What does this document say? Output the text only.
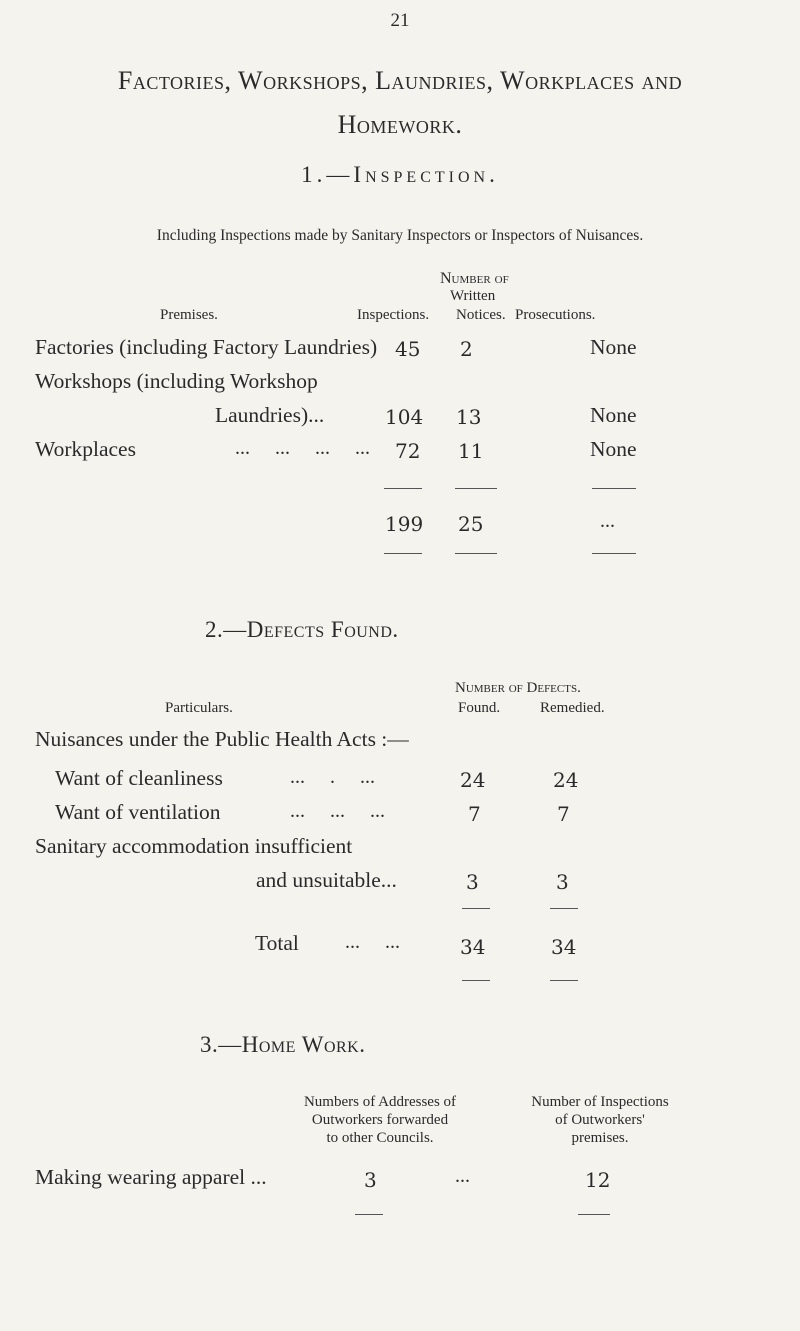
21
Factories, Workshops, Laundries, Workplaces and
Homework.
1.—Inspection.
Including Inspections made by Sanitary Inspectors or Inspectors of Nuisances.
Number of
Written
Premises.	Inspections. Notices. Prosecutions.
Factories (including Factory Laundries) 45 2	None
Workshops (including Workshop
Laundries)...	104 13	None
Workplaces	...     ...     ...     ... 72 11	None
199 25	...
2.—Defects Found.
Number of Defects.
Particulars.	Found.	Remedied.
Nuisances under the Public Health Acts :—
Want of cleanliness	...     .     ...	24	24
Want of ventilation	...     ...     ...	7	7
Sanitary accommodation insufficient
and unsuitable...	3	3
Total ...     ...	34	34
3.—Home Work.
Numbers of Addresses of
Outworkers forwarded
to other Councils.
Number of Inspections
of Outworkers'
premises.
Making wearing apparel ...	3	...	12
